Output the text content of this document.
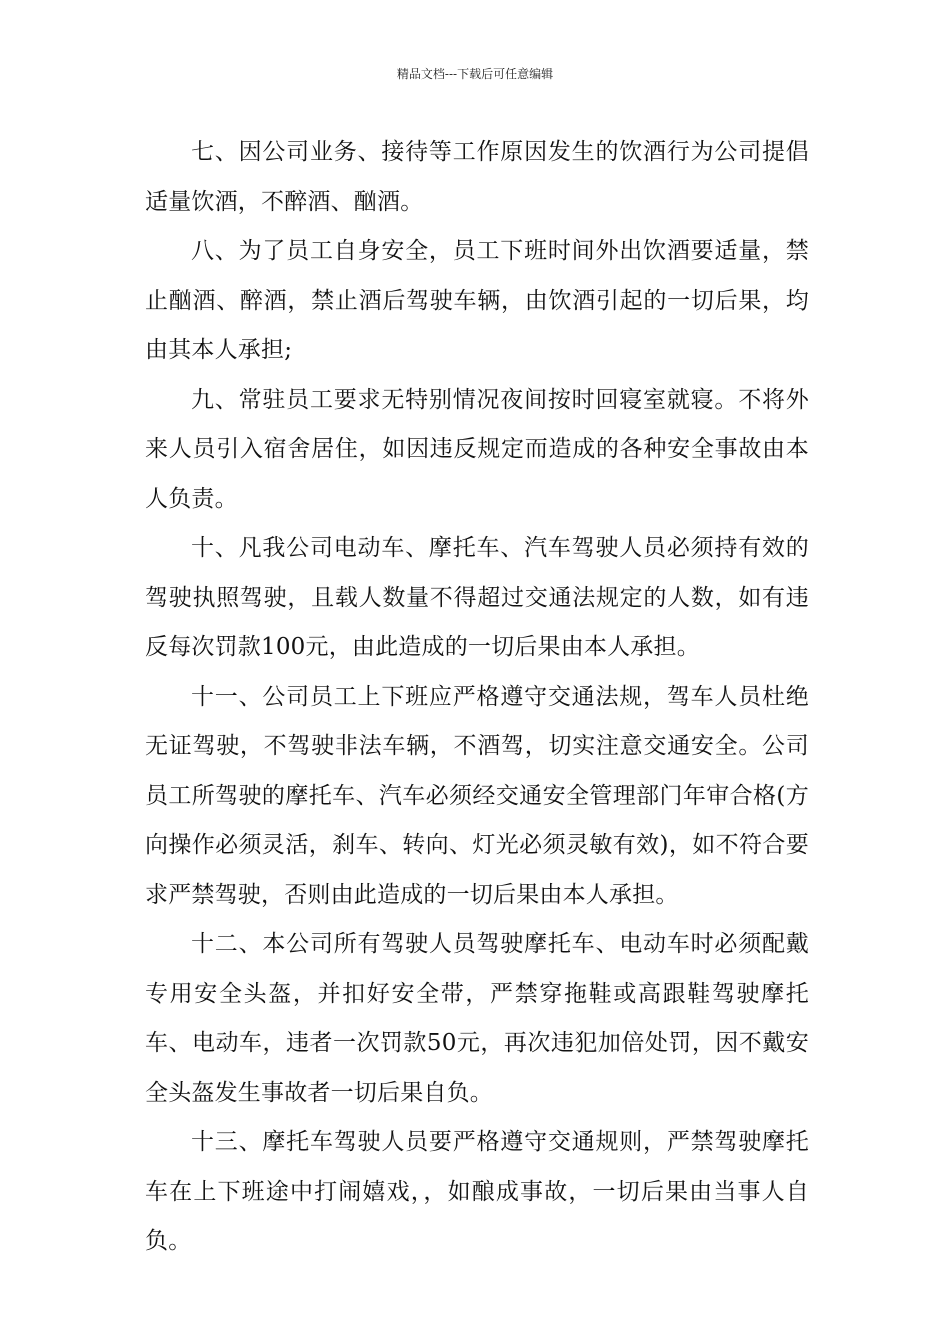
精品文档---下载后可任意编辑

七、因公司业务、接待等工作原因发生的饮酒行为公司提倡适量饮酒，不醉酒、酗酒。

八、为了员工自身安全，员工下班时间外出饮酒要适量，禁止酗酒、醉酒，禁止酒后驾驶车辆，由饮酒引起的一切后果，均由其本人承担;

九、常驻员工要求无特别情况夜间按时回寝室就寝。不将外来人员引入宿舍居住，如因违反规定而造成的各种安全事故由本人负责。

十、凡我公司电动车、摩托车、汽车驾驶人员必须持有效的驾驶执照驾驶，且载人数量不得超过交通法规定的人数，如有违反每次罚款100元，由此造成的一切后果由本人承担。

十一、公司员工上下班应严格遵守交通法规，驾车人员杜绝无证驾驶，不驾驶非法车辆，不酒驾，切实注意交通安全。公司员工所驾驶的摩托车、汽车必须经交通安全管理部门年审合格(方向操作必须灵活，刹车、转向、灯光必须灵敏有效)，如不符合要求严禁驾驶，否则由此造成的一切后果由本人承担。

十二、本公司所有驾驶人员驾驶摩托车、电动车时必须配戴专用安全头盔，并扣好安全带，严禁穿拖鞋或高跟鞋驾驶摩托车、电动车，违者一次罚款50元，再次违犯加倍处罚，因不戴安全头盔发生事故者一切后果自负。

十三、摩托车驾驶人员要严格遵守交通规则，严禁驾驶摩托车在上下班途中打闹嬉戏，，如酿成事故，一切后果由当事人自负。
